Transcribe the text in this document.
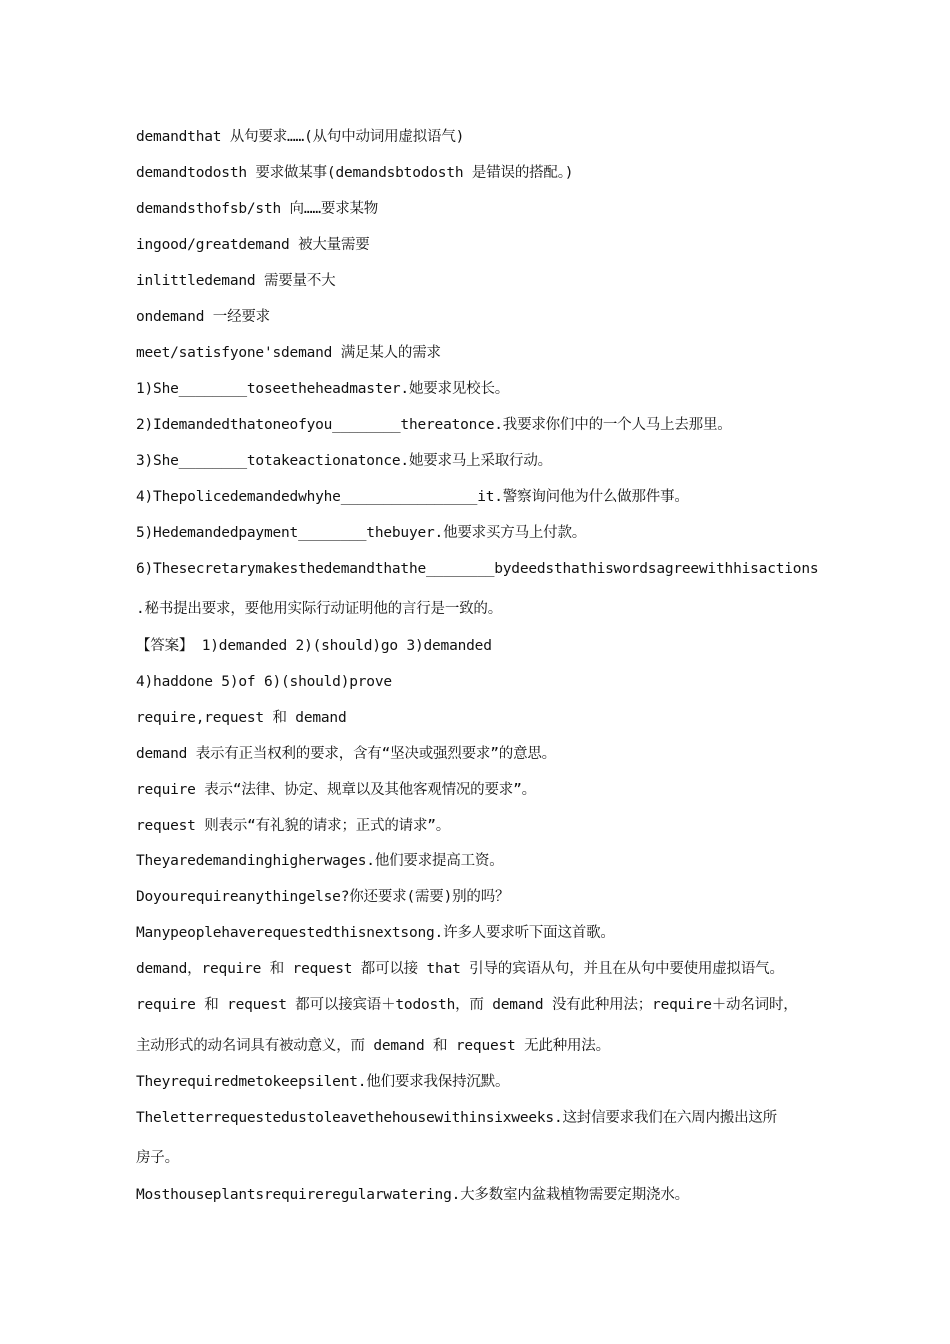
demandthat 从句要求……(从句中动词用虚拟语气)
demandtodosth 要求做某事(demandsbtodosth 是错误的搭配。)
demandsthofsb/sth 向……要求某物
ingood/greatdemand 被大量需要
inlittledemand 需要量不大
ondemand 一经要求
meet/satisfyone'sdemand 满足某人的需求
1)She________toseetheheadmaster.她要求见校长。
2)Idemandedthatoneofyou________thereatonce.我要求你们中的一个人马上去那里。
3)She________totakeactionatonce.她要求马上采取行动。
4)Thepolicedemandedwhyhe________________it.警察询问他为什么做那件事。
5)Hedemandedpayment________thebuyer.他要求买方马上付款。
6)Thesecretarymakesthedemandthathe________bydeedsthathiswordsagreewithhisactions
.秘书提出要求，要他用实际行动证明他的言行是一致的。
【答案】 1)demanded 2)(should)go 3)demanded
4)haddone 5)of 6)(should)prove
require,request 和 demand
demand 表示有正当权利的要求，含有“坚决或强烈要求”的意思。
require 表示“法律、协定、规章以及其他客观情况的要求”。
request 则表示“有礼貌的请求；正式的请求”。
Theyaredemandinghigherwages.他们要求提高工资。
Doyourequireanythingelse?你还要求(需要)别的吗？
Manypeoplehaverequestedthisnextsong.许多人要求听下面这首歌。
demand，require 和 request 都可以接 that 引导的宾语从句，并且在从句中要使用虚拟语气。
require 和 request 都可以接宾语＋todosth，而 demand 没有此种用法；require＋动名词时，
主动形式的动名词具有被动意义，而 demand 和 request 无此种用法。
Theyrequiredmetokeepsilent.他们要求我保持沉默。
Theletterrequestedustoleavethehousewithinsixweeks.这封信要求我们在六周内搬出这所
房子。
Mosthouseplantsrequireregularwatering.大多数室内盆栽植物需要定期浇水。
